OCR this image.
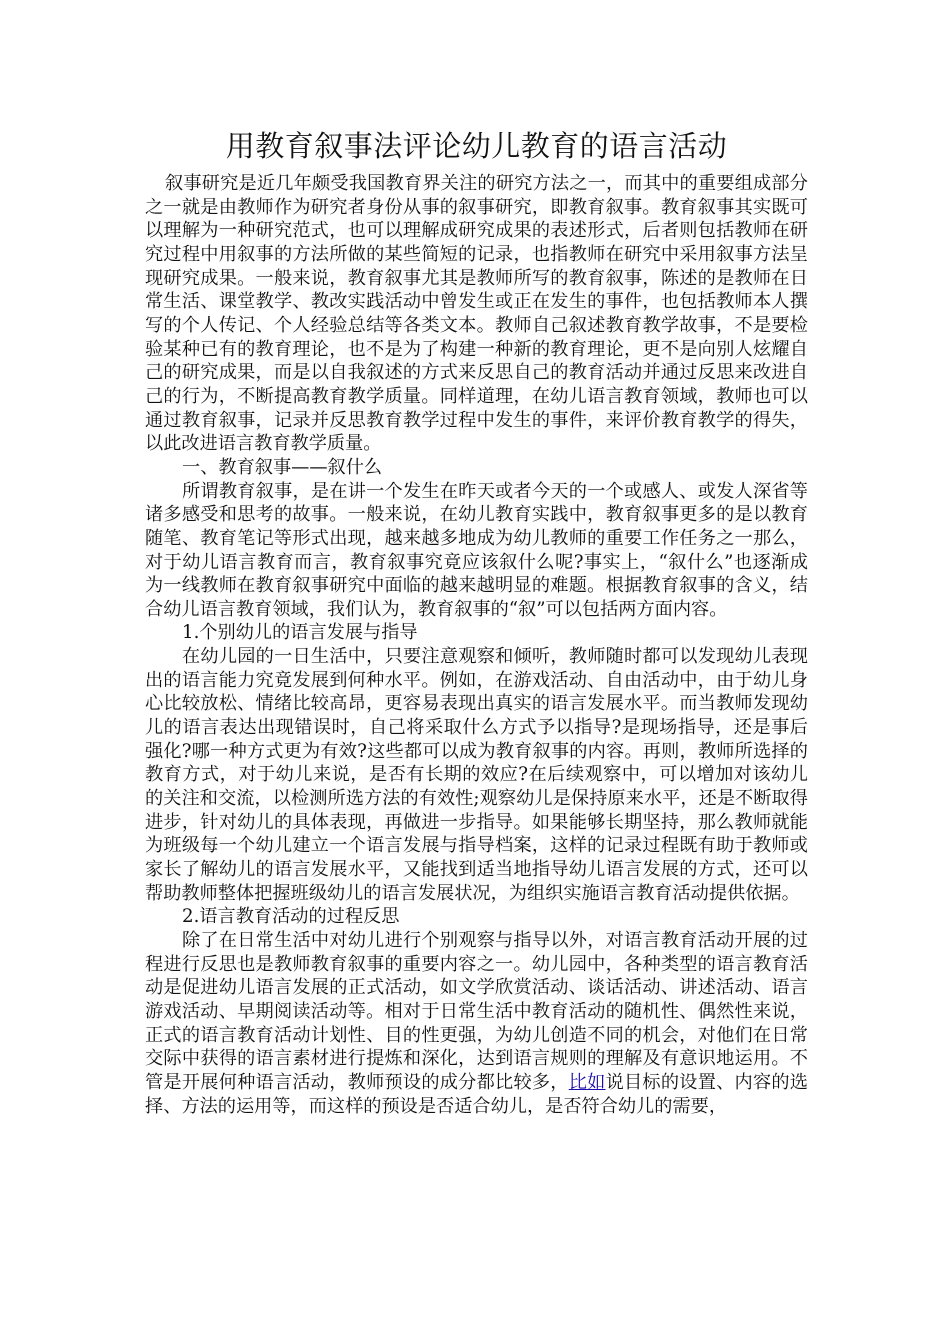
用教育叙事法评论幼儿教育的语言活动

叙事研究是近几年颇受我国教育界关注的研究方法之一，而其中的重要组成部分之一就是由教师作为研究者身份从事的叙事研究，即教育叙事。教育叙事其实既可以理解为一种研究范式，也可以理解成研究成果的表述形式，后者则包括教师在研究过程中用叙事的方法所做的某些简短的记录，也指教师在研究中采用叙事方法呈现研究成果。一般来说，教育叙事尤其是教师所写的教育叙事，陈述的是教师在日常生活、课堂教学、教改实践活动中曾发生或正在发生的事件，也包括教师本人撰写的个人传记、个人经验总结等各类文本。教师自己叙述教育教学故事，不是要检验某种已有的教育理论，也不是为了构建一种新的教育理论，更不是向别人炫耀自己的研究成果，而是以自我叙述的方式来反思自己的教育活动并通过反思来改进自己的行为，不断提高教育教学质量。同样道理，在幼儿语言教育领域，教师也可以通过教育叙事，记录并反思教育教学过程中发生的事件，来评价教育教学的得失，以此改进语言教育教学质量。

一、教育叙事——叙什么

所谓教育叙事，是在讲一个发生在昨天或者今天的一个或感人、或发人深省等诸多感受和思考的故事。一般来说，在幼儿教育实践中，教育叙事更多的是以教育随笔、教育笔记等形式出现，越来越多地成为幼儿教师的重要工作任务之一那么，对于幼儿语言教育而言，教育叙事究竟应该叙什么呢?事实上，“叙什么”也逐渐成为一线教师在教育叙事研究中面临的越来越明显的难题。根据教育叙事的含义，结合幼儿语言教育领域，我们认为，教育叙事的“叙”可以包括两方面内容。

1.个别幼儿的语言发展与指导

在幼儿园的一日生活中，只要注意观察和倾听，教师随时都可以发现幼儿表现出的语言能力究竟发展到何种水平。例如，在游戏活动、自由活动中，由于幼儿身心比较放松、情绪比较高昂，更容易表现出真实的语言发展水平。而当教师发现幼儿的语言表达出现错误时，自己将采取什么方式予以指导?是现场指导，还是事后强化?哪一种方式更为有效?这些都可以成为教育叙事的内容。再则，教师所选择的教育方式，对于幼儿来说，是否有长期的效应?在后续观察中，可以增加对该幼儿的关注和交流，以检测所选方法的有效性;观察幼儿是保持原来水平，还是不断取得进步，针对幼儿的具体表现，再做进一步指导。如果能够长期坚持，那么教师就能为班级每一个幼儿建立一个语言发展与指导档案，这样的记录过程既有助于教师或家长了解幼儿的语言发展水平，又能找到适当地指导幼儿语言发展的方式，还可以帮助教师整体把握班级幼儿的语言发展状况，为组织实施语言教育活动提供依据。

2.语言教育活动的过程反思

除了在日常生活中对幼儿进行个别观察与指导以外，对语言教育活动开展的过程进行反思也是教师教育叙事的重要内容之一。幼儿园中，各种类型的语言教育活动是促进幼儿语言发展的正式活动，如文学欣赏活动、谈话活动、讲述活动、语言游戏活动、早期阅读活动等。相对于日常生活中教育活动的随机性、偶然性来说，正式的语言教育活动计划性、目的性更强，为幼儿创造不同的机会，对他们在日常交际中获得的语言素材进行提炼和深化，达到语言规则的理解及有意识地运用。不管是开展何种语言活动，教师预设的成分都比较多，比如说目标的设置、内容的选择、方法的运用等，而这样的预设是否适合幼儿，是否符合幼儿的需要，
